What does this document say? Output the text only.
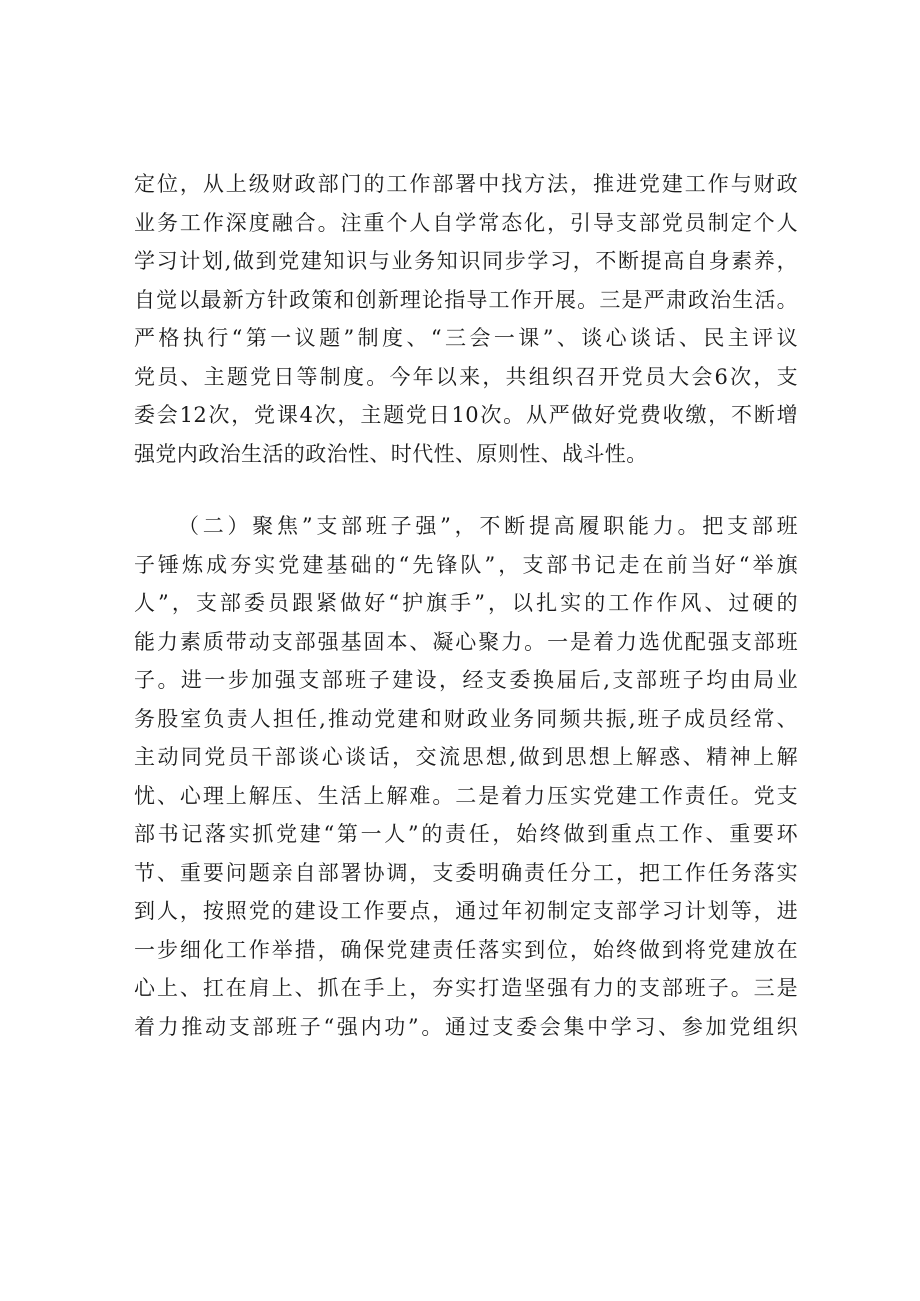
定位，从上级财政部门的工作部署中找方法，推进党建工作与财政
业务工作深度融合。注重个人自学常态化，引导支部党员制定个人
学习计划,做到党建知识与业务知识同步学习，不断提高自身素养，
自觉以最新方针政策和创新理论指导工作开展。三是严肃政治生活。
严格执行“第一议题”制度、“三会一课”、谈心谈话、民主评议
党员、主题党日等制度。今年以来，共组织召开党员大会6次，支
委会12次，党课4次，主题党日10次。从严做好党费收缴，不断增
强党内政治生活的政治性、时代性、原则性、战斗性。
（二）聚焦”支部班子强”，不断提高履职能力。把支部班
子锤炼成夯实党建基础的“先锋队”，支部书记走在前当好“举旗
人”，支部委员跟紧做好“护旗手”，以扎实的工作作风、过硬的
能力素质带动支部强基固本、凝心聚力。一是着力选优配强支部班
子。进一步加强支部班子建设，经支委换届后,支部班子均由局业
务股室负责人担任,推动党建和财政业务同频共振,班子成员经常、
主动同党员干部谈心谈话，交流思想,做到思想上解惑、精神上解
忧、心理上解压、生活上解难。二是着力压实党建工作责任。党支
部书记落实抓党建“第一人”的责任，始终做到重点工作、重要环
节、重要问题亲自部署协调，支委明确责任分工，把工作任务落实
到人，按照党的建设工作要点，通过年初制定支部学习计划等，进
一步细化工作举措，确保党建责任落实到位，始终做到将党建放在
心上、扛在肩上、抓在手上，夯实打造坚强有力的支部班子。三是
着力推动支部班子“强内功”。通过支委会集中学习、参加党组织
